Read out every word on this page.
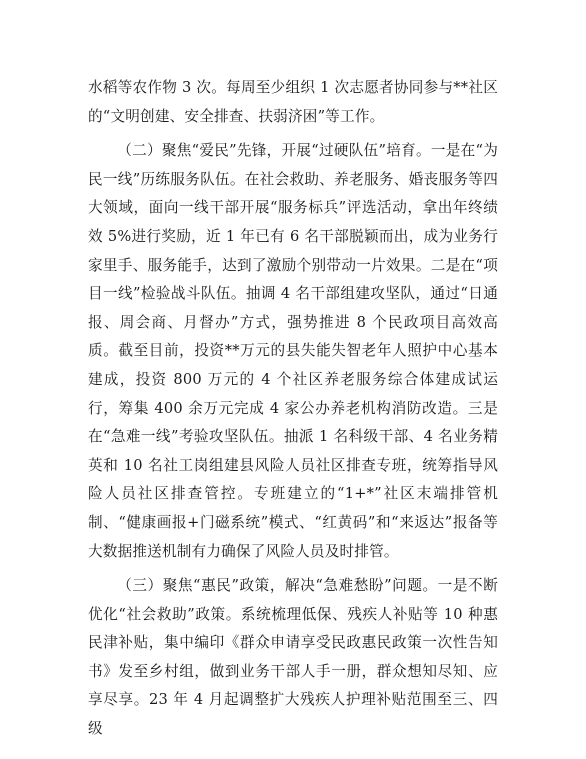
水稻等农作物 3 次。每周至少组织 1 次志愿者协同参与**社区的“文明创建、安全排查、扶弱济困”等工作。

（二）聚焦“爱民”先锋，开展“过硬队伍”培育。一是在“为民一线”历练服务队伍。在社会救助、养老服务、婚丧服务等四大领域，面向一线干部开展“服务标兵”评选活动，拿出年终绩效 5%进行奖励，近 1 年已有 6 名干部脱颖而出，成为业务行家里手、服务能手，达到了激励个别带动一片效果。二是在“项目一线”检验战斗队伍。抽调 4 名干部组建攻坚队，通过“日通报、周会商、月督办”方式，强势推进 8 个民政项目高效高质。截至目前，投资**万元的县失能失智老年人照护中心基本建成，投资 800 万元的 4 个社区养老服务综合体建成试运行，筹集 400 余万元完成 4 家公办养老机构消防改造。三是在“急难一线”考验攻坚队伍。抽派 1 名科级干部、4 名业务精英和 10 名社工岗组建县风险人员社区排查专班，统筹指导风险人员社区排查管控。专班建立的“1+*”社区末端排管机制、“健康画报+门磁系统”模式、“红黄码”和“来返达”报备等大数据推送机制有力确保了风险人员及时排管。

（三）聚焦“惠民”政策，解决“急难愁盼”问题。一是不断优化“社会救助”政策。系统梳理低保、残疾人补贴等 10 种惠民津补贴，集中编印《群众申请享受民政惠民政策一次性告知书》发至乡村组，做到业务干部人手一册，群众想知尽知、应享尽享。23 年 4 月起调整扩大残疾人护理补贴范围至三、四级
